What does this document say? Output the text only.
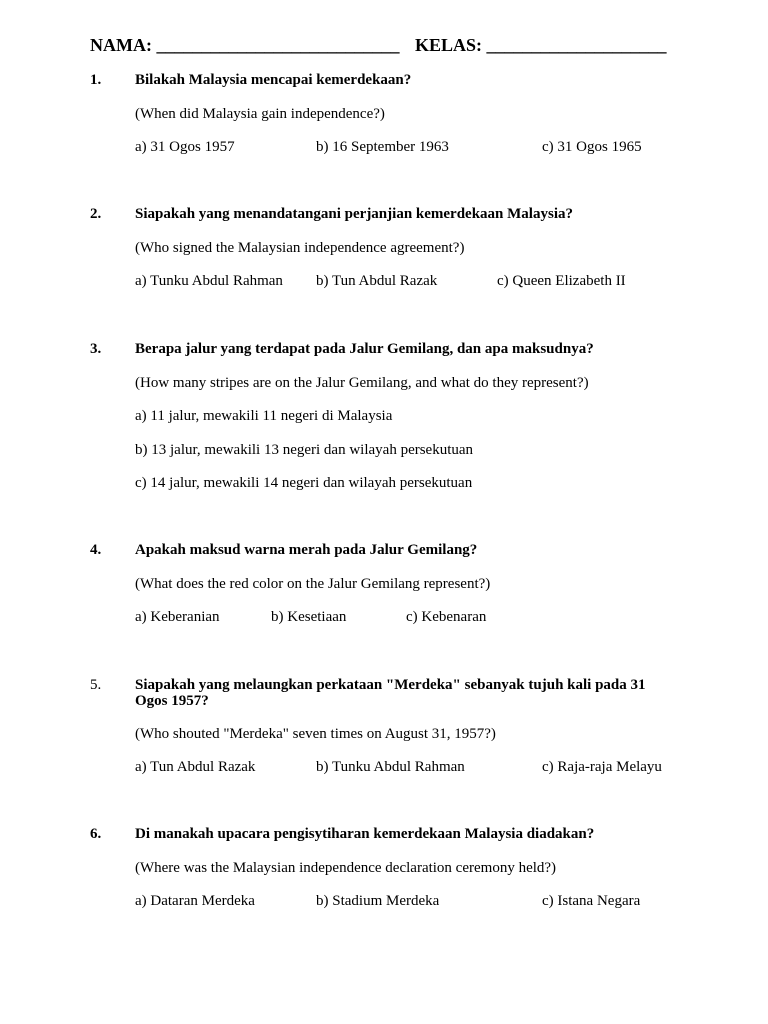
NAMA: ___________________________ KELAS: ____________________
1. Bilakah Malaysia mencapai kemerdekaan?
(When did Malaysia gain independence?)
a) 31 Ogos 1957	b) 16 September 1963	c) 31 Ogos 1965
2. Siapakah yang menandatangani perjanjian kemerdekaan Malaysia?
(Who signed the Malaysian independence agreement?)
a) Tunku Abdul Rahman b) Tun Abdul Razak	c) Queen Elizabeth II
3. Berapa jalur yang terdapat pada Jalur Gemilang, dan apa maksudnya?
(How many stripes are on the Jalur Gemilang, and what do they represent?)
a) 11 jalur, mewakili 11 negeri di Malaysia
b) 13 jalur, mewakili 13 negeri dan wilayah persekutuan
c) 14 jalur, mewakili 14 negeri dan wilayah persekutuan
4. Apakah maksud warna merah pada Jalur Gemilang?
(What does the red color on the Jalur Gemilang represent?)
a) Keberanian	b) Kesetiaan	c) Kebenaran
5. Siapakah yang melaungkan perkataan "Merdeka" sebanyak tujuh kali pada 31 Ogos 1957?
(Who shouted "Merdeka" seven times on August 31, 1957?)
a) Tun Abdul Razak	b) Tunku Abdul Rahman	c) Raja-raja Melayu
6. Di manakah upacara pengisytiharan kemerdekaan Malaysia diadakan?
(Where was the Malaysian independence declaration ceremony held?)
a) Dataran Merdeka	b) Stadium Merdeka	c) Istana Negara
